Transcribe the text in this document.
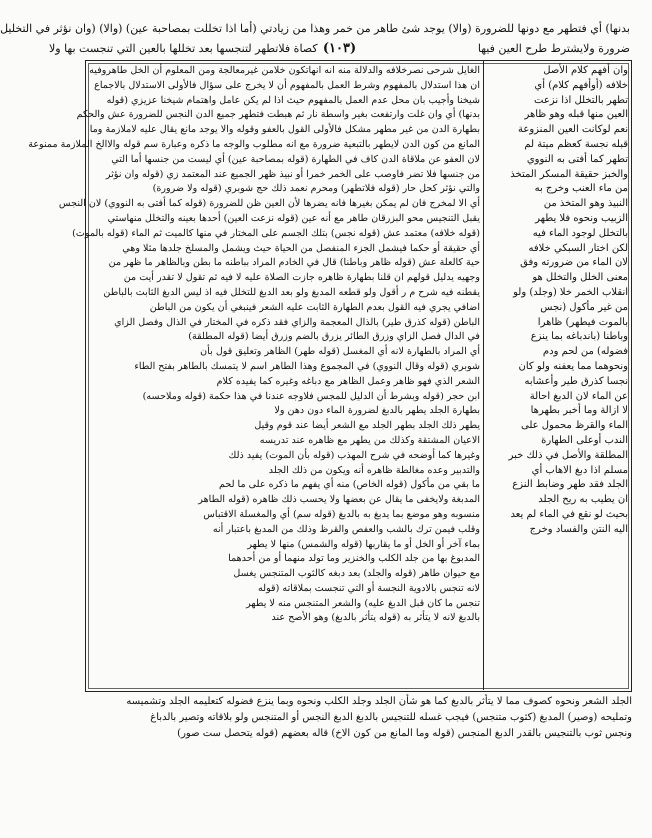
بدنها) أي فتطهر مع دونها للضرورة (والا) يوجد شئ طاهر من خمر وهذا من زيادتي (أما اذا تخللت بمصاحبة عين) (والا) (وان نؤثر في التخليل
ضرورة ولايشترط طرح العين فيها
(١٠٣)
كصاة فلاتطهر لتنجسها بعد تخللها بالعين التي تنجست بها ولا
وان أفهم كلام الأصل
خلافه (أوأفهم كلام) أي
تطهر بالتخلل اذا نزعت
العين منها قبله وهو ظاهر
نعم لوكانت العين المنزوعة
قبله نجسة كعظم ميتة لم
تطهر كما أفتى به النووي
والخبز حقيقة المسكر المتخذ
من ماء العنب وخرج به
النبيذ وهو المتخذ من
الزبيب ونحوه فلا يطهر
بالتخلل لوجود الماء فيه
لكن اختار السبكي خلافه
لان الماء من ضرورته وفق
معنى الخلل والتخلل هو
انقلاب الخمر خلا (وجلد) ولو
من غير مأكول (نجس
بالموت فيطهر) ظاهرا
وباطنا (باندباغه بما ينزع
فضوله) من لحم ودم
ونحوهما مما يعفنه ولو كان
نجسا كذرق طير وأعشابه
عن الماء لان الدبغ احالة
لا ازالة وما أخبر بطهرها
الماء والقرظ محمول على
الندب أوعلى الطهارة
المطلقة والأصل في ذلك خبر
مسلم اذا دبغ الاهاب أي
الجلد فقد طهر وضابط النزع
ان يطيب به ريح الجلد
بحيث لو نقع في الماء لم يعد
اليه النتن والفساد وخرج
الغايل شرحى نصرخلافه والدلالة منه انه انهاتكون خلامن غيرمعالجة ومن المعلوم أن الخل طاهروفيه
ان هذا استدلال بالمفهوم وشرط العمل بالمفهوم أن لا يخرج على سؤال فالأولى الاستدلال بالاجماع
شيخنا وأجيب بان محل عدم العمل بالمفهوم حيث اذا لم يكن عامل واهتمام شيخنا عزيزي (قوله
بدنها) أي وان غلت وارتفعت بغير واسطة نار ثم هبطت فتطهر جميع الدن النجس للضرورة عش والحكم
بطهارة الدن من غير مطهر مشكل فالأولى القول بالعفو وقوله والا يوجد مانع يقال عليه لاملازمة وما
المانع من كون الدن لايطهر بالتبعية ضرورة مع انه مطلوب والوجه ما ذكره وعبارة سم قوله والاالخ الملازمة ممنوعة
لان العفو عن ملاقاة الدن كاف في الطهارة (قوله بمصاحبة عين) أي ليست من جنسها أما التي
من جنسها فلا تضر فاوصب على الخمر خمرا أو نبيذ ظهر الجميع عند المعتمد زي (قوله وان نؤثر
والتي نؤثر كحل حار (قوله فلاتطهر) ومحرم نعمد ذلك حج شوبري (قوله ولا ضرورة)
أي الا لمخرج فان لم يمكن بغيرها فانه يضرها لأن العين ظن للضرورة (قوله كما أفتى به النووي) لان النجس
يقبل التنجيس محو البزرقان طاهر مع أنه عين (قوله نزعت العين) أحدها بعينه والتخلل منهاستي
(قوله خلافه) معتمد عش (قوله نجس) بتلك الجسم على المختار في منها كالميت ثم الماء (قوله بالموت)
أي حقيقة أو حكما فيشمل الجزء المنفصل من الحياة حيث ويشمل والمسلخ جلدها مثلا وهي
حية كالعلة عش (قوله ظاهر وباطنا) قال في الخادم المراد بباطنه ما بطن وبالظاهر ما ظهر من
وجهيه يدليل قولهم ان قلنا بطهارة ظاهره جازت الصلاة عليه لا فيه ثم تقول لا تقدر أيت من
يقطنه فيه شرح م ر أقول ولو قطعه المدبغ ولو بعد الدبغ للتخلل فيه اذ ليس الدبغ الثابت بالباطن
اضافي يجري فيه القول بعدم الطهارة الثابت عليه الشعر فينبغي أن يكون من الباطن
الباطن (قوله كذرق طير) بالذال المعجمة والزاي فقد ذكره في المختار في الذال وفصل الزاي
في الدال فصل الزاي وزرق الطائر يزرق بالضم وزرق أيضا (قوله المطلقة)
أي المراد بالطهارة لانه أي المغسل (قوله طهر) الظاهر وتعليق قول بأن
شوبري (قوله وقال النووي) في المجموع وهذا الطاهر اسم لا يتمسك بالطاهر بفتح الطاء
الشعر الذي فهو ظاهر وعمل الظاهر مع دباغه وغيره كما يفيده كلام
ابن حجر (قوله وبشرط أن الدليل للمجس فلاوجه عندنا في هذا حكمة (قوله وملاحسه)
بطهارة الجلد يطهر بالدبغ لضرورة الماء دون دهن ولا
يطهر ذلك الجلد بطهر الجلد مع الشعر أيضا عند قوم وقيل
الاعيان المشتقة وكذلك من يطهر مع ظاهره عند تدريسه
وغيرها كما أوضحه في شرح المهذب (قوله بأن الموت) يفيد ذلك
والتدبير وعده مغالطة ظاهره أنه ويكون من ذلك الجلد
ما بقي من مأكول (قوله الخاص) منه أي يفهم ما ذكره على ما لحم
المدبغة ولايخفى ما يقال عن بعضها ولا يحسب ذلك ظاهره (قوله الطاهر
منسوبه وهو موضع بما يدبغ به بالدبغ (قوله سم) أي والمغسلة الاقتباس
وقلب فيمن ترك بالشب والعفص والقرظ وذلك من المدبغ باعتبار أنه
بماء آخر أو الخل أو ما يقاربها (قوله والشمس) منها لا يطهر
المدبوغ بها من جلد الكلب والخنزير وما تولد منهما أو من أحدهما
مع حيوان طاهر (قوله والجلد) بعد دبغه كالثوب المتنجس يغسل
لانه تنجس بالادوية النجسة أو التي تنجست بملاقاته (قوله
تنجس ما كان قبل الدبغ عليه) والشعر المتنجس منه لا يطهر
بالدبغ لانه لا يتأثر به (قوله يتأثر بالدبغ) وهو الأصح عند
الجلد الشعر ونحوه كصوف مما لا يتأثر بالدبغ كما هو شأن الجلد وجلد الكلب ونحوه وبما ينزع فضوله كتعليمه الجلد وتشميسه
وتمليحه (وصير) المدبغ (كثوب متنجس) فيجب غسله للتنجيس بالدبغ الدبغ النجس أو المتنجس ولو بلاقاته وتصير بالدباغ
ونجس ثوب بالتنجيس بالقدر الدبغ المنجس (قوله وما المانع من كون الاخ) قاله بعضهم (قوله يتحصل ست صور)
